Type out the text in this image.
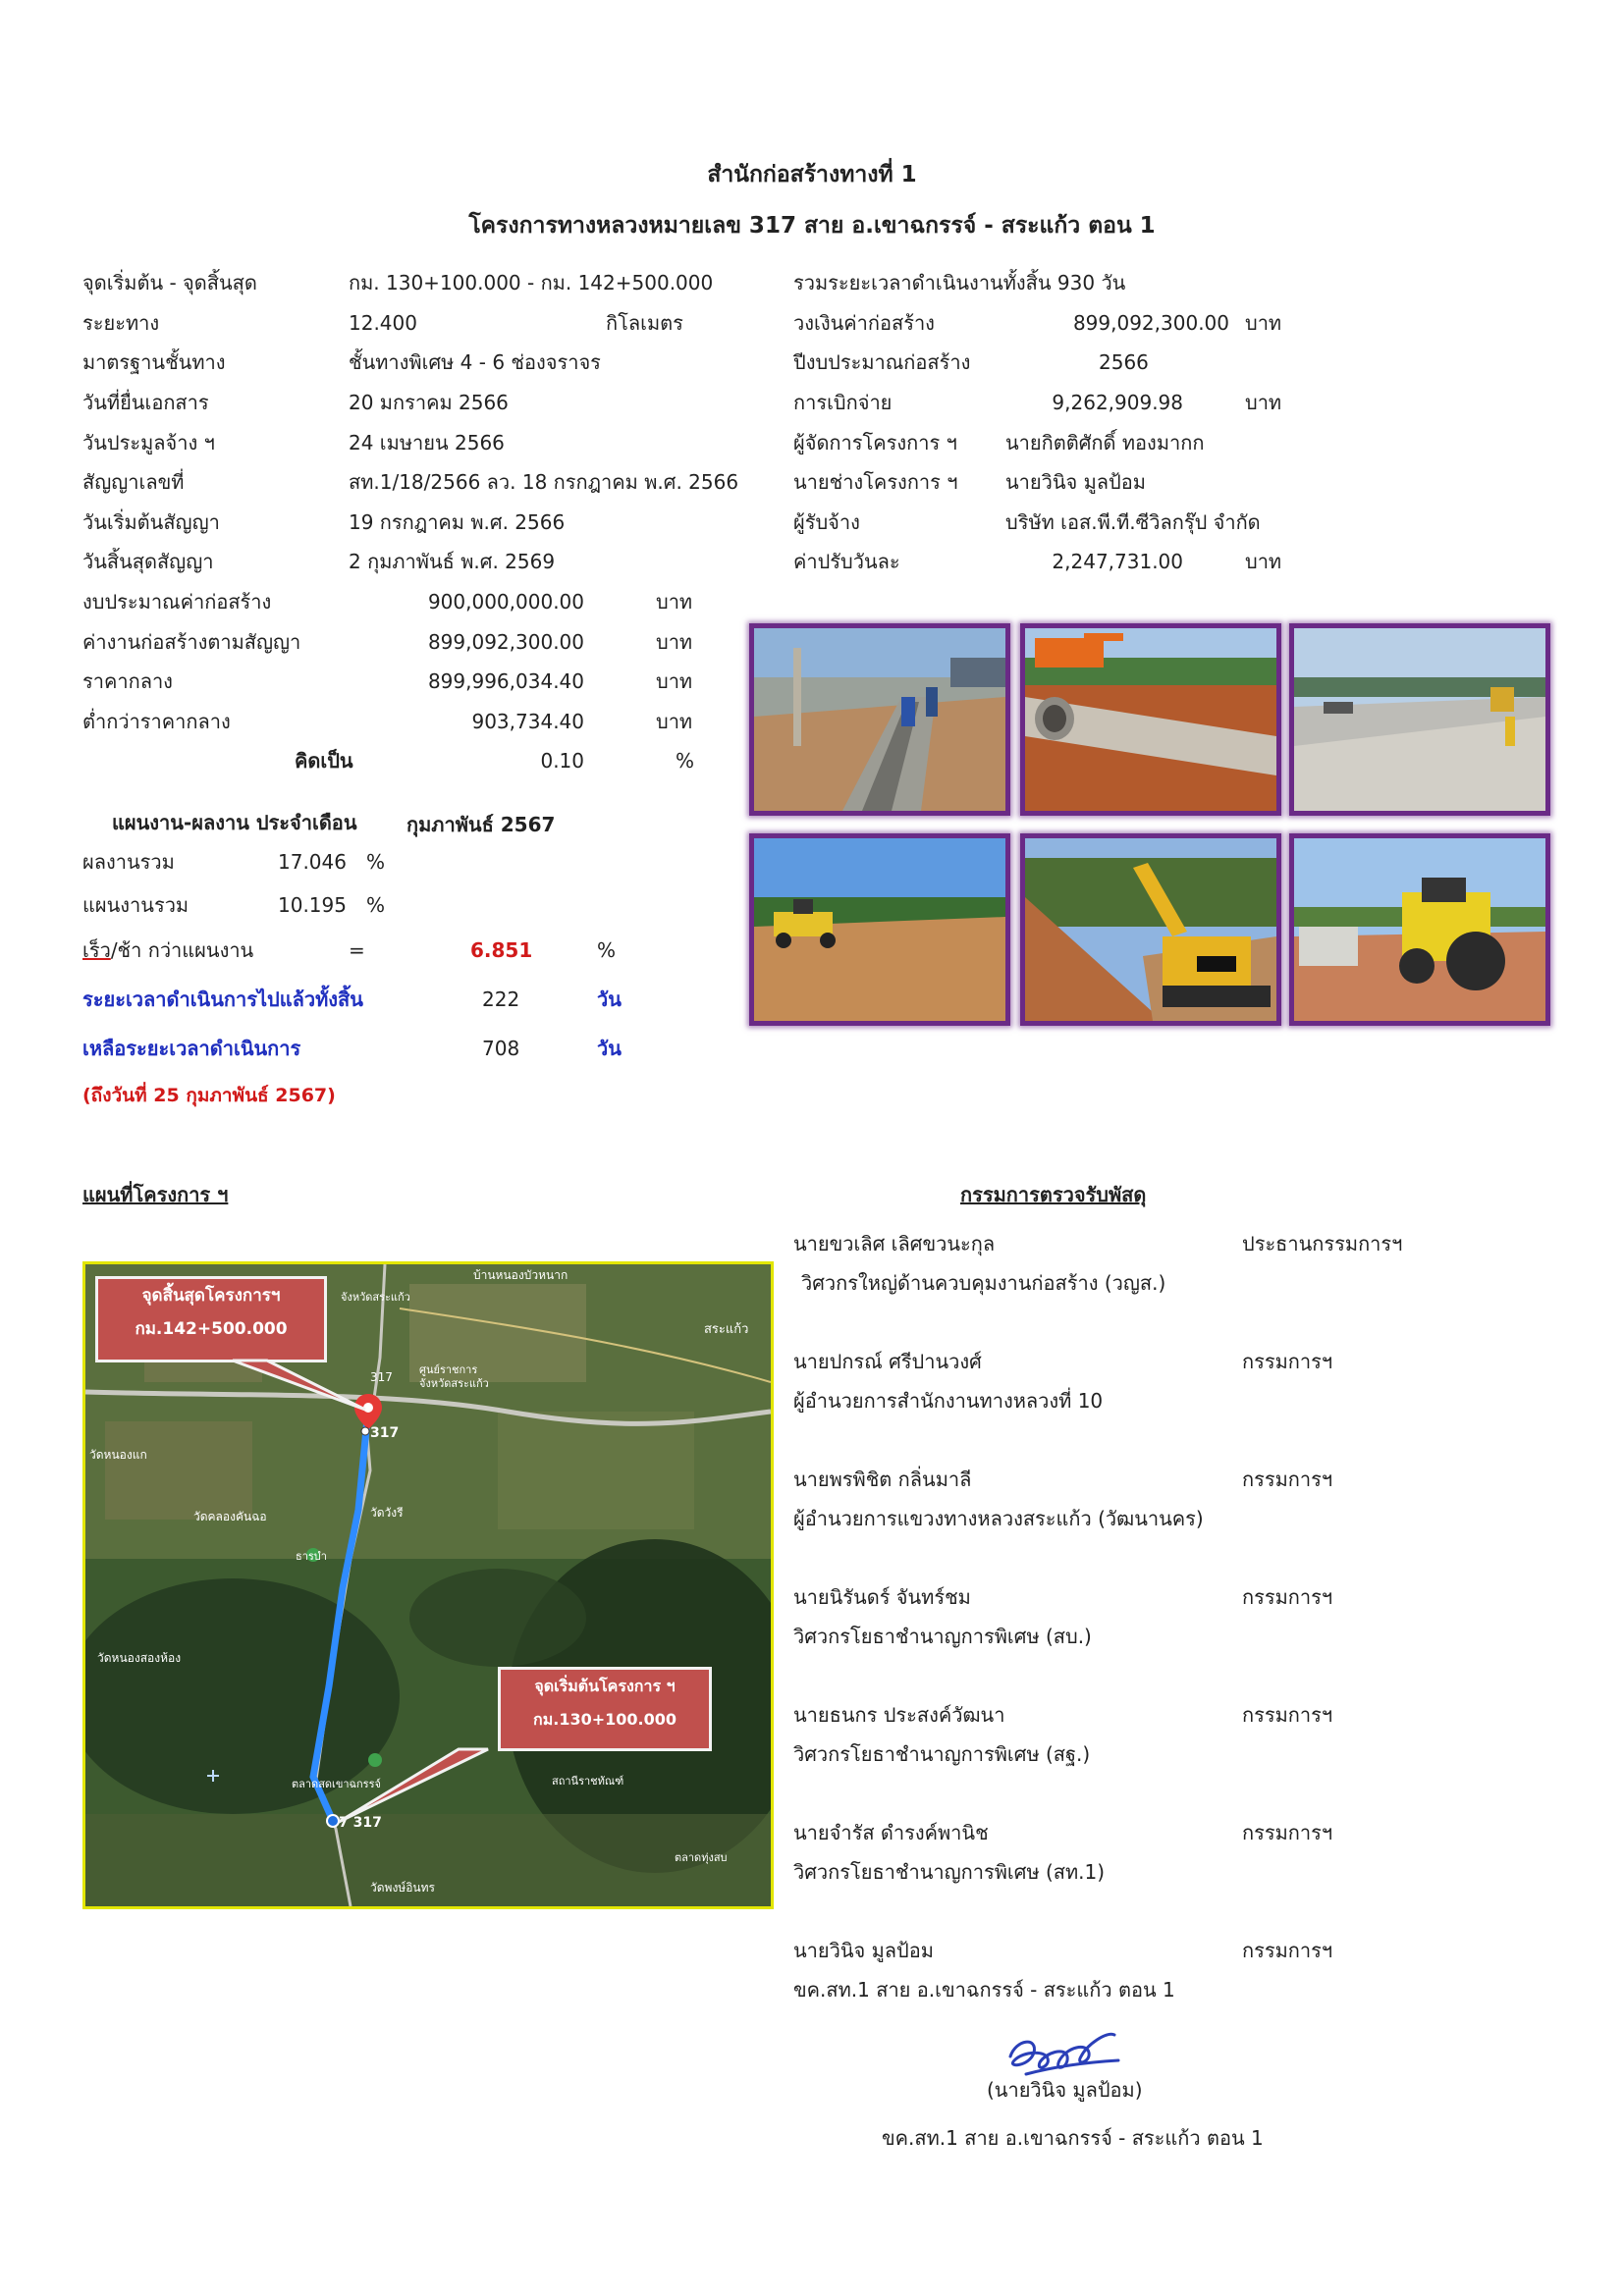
สำนักก่อสร้างทางที่ 1
โครงการทางหลวงหมายเลข 317 สาย อ.เขาฉกรรจ์ - สระแก้ว ตอน 1
จุดเริ่มต้น - จุดสิ้นสุด	กม. 130+100.000 - กม. 142+500.000
ระยะทาง	12.400	กิโลเมตร
มาตรฐานชั้นทาง	ชั้นทางพิเศษ 4 - 6 ช่องจราจร
วันที่ยื่นเอกสาร	20 มกราคม 2566
วันประมูลจ้าง ฯ	24 เมษายน 2566
สัญญาเลขที่	สท.1/18/2566 ลว. 18 กรกฎาคม พ.ศ. 2566
วันเริ่มต้นสัญญา	19 กรกฎาคม พ.ศ. 2566
วันสิ้นสุดสัญญา	2 กุมภาพันธ์ พ.ศ. 2569
งบประมาณค่าก่อสร้าง	900,000,000.00	บาท
ค่างานก่อสร้างตามสัญญา	899,092,300.00	บาท
ราคากลาง	899,996,034.40	บาท
ต่ำกว่าราคากลาง	903,734.40	บาท
คิดเป็น	0.10	%
รวมระยะเวลาดำเนินงานทั้งสิ้น 930 วัน
วงเงินค่าก่อสร้าง	899,092,300.00 บาท
ปีงบประมาณก่อสร้าง	2566
การเบิกจ่าย	9,262,909.98	บาท
ผู้จัดการโครงการ ฯ นายกิตติศักดิ์ ทองมากก
นายช่างโครงการ ฯ นายวินิจ มูลป้อม
ผู้รับจ้าง	บริษัท เอส.พี.ที.ซีวิลกรุ๊ป จำกัด
ค่าปรับวันละ	2,247,731.00	บาท
แผนงาน-ผลงาน ประจำเดือน	กุมภาพันธ์ 2567
ผลงานรวม	17.046 %
แผนงานรวม	10.195 %
เร็ว/ช้า กว่าแผนงาน	=	6.851	%
ระยะเวลาดำเนินการไปแล้วทั้งสิ้น	222	วัน
เหลือระยะเวลาดำเนินการ	708	วัน
(ถึงวันที่ 25 กุมภาพันธ์ 2567)
แผนที่โครงการ ฯ
317
317
7 317
สระแก้ว
บ้านหนองบัวหนาก
จังหวัดสระแก้ว
ศูนย์ราชการ
จังหวัดสระแก้ว
วัดคลองคันฉอ	วัดวังรี
วัดหนองแก
วัดหนองสองห้อง
ธารบำ
ตลาดสดเขาฉกรรจ์	สถานีราชทัณฑ์
วัดพงษ์อินทร
ตลาดทุ่งสบ
จุดสิ้นสุดโครงการฯ
กม.142+500.000
จุดเริ่มต้นโครงการ ฯ
กม.130+100.000
กรรมการตรวจรับพัสดุ
นายขวเลิศ เลิศขวนะกุล	ประธานกรรมการฯ
วิศวกรใหญ่ด้านควบคุมงานก่อสร้าง (วญส.)
นายปกรณ์ ศรีปานวงศ์	กรรมการฯ
ผู้อำนวยการสำนักงานทางหลวงที่ 10
นายพรพิชิต กลิ่นมาลี	กรรมการฯ
ผู้อำนวยการแขวงทางหลวงสระแก้ว (วัฒนานคร)
นายนิรันดร์ จันทร์ชม	กรรมการฯ
วิศวกรโยธาชำนาญการพิเศษ (สบ.)
นายธนกร ประสงค์วัฒนา	กรรมการฯ
วิศวกรโยธาชำนาญการพิเศษ (สฐ.)
นายจำรัส ดำรงค์พานิช	กรรมการฯ
วิศวกรโยธาชำนาญการพิเศษ (สท.1)
นายวินิจ มูลป้อม	กรรมการฯ
ขค.สท.1 สาย อ.เขาฉกรรจ์ - สระแก้ว ตอน 1
(นายวินิจ มูลป้อม)
ขค.สท.1 สาย อ.เขาฉกรรจ์ - สระแก้ว ตอน 1
